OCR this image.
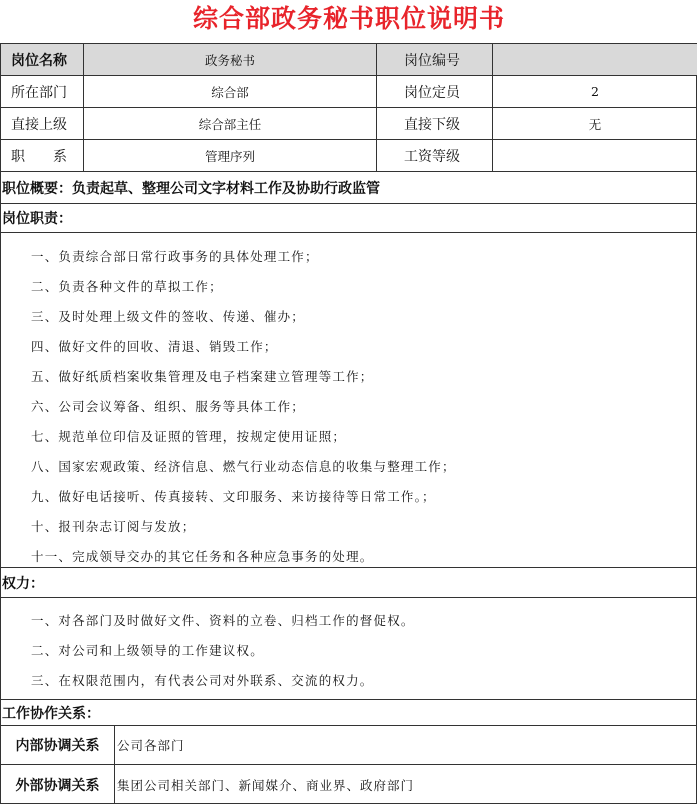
综合部政务秘书职位说明书
岗位名称	政务秘书	岗位编号
所在部门	综合部	岗位定员	2
直接上级	综合部主任	直接下级	无
职　　系	管理序列	工资等级
职位概要：负责起草、整理公司文字材料工作及协助行政监管
岗位职责：
一、负责综合部日常行政事务的具体处理工作；
二、负责各种文件的草拟工作；
三、及时处理上级文件的签收、传递、催办；
四、做好文件的回收、清退、销毁工作；
五、做好纸质档案收集管理及电子档案建立管理等工作；
六、公司会议筹备、组织、服务等具体工作；
七、规范单位印信及证照的管理，按规定使用证照；
八、国家宏观政策、经济信息、燃气行业动态信息的收集与整理工作；
九、做好电话接听、传真接转、文印服务、来访接待等日常工作。；
十、报刊杂志订阅与发放；
十一、完成领导交办的其它任务和各种应急事务的处理。
权力：
一、对各部门及时做好文件、资料的立卷、归档工作的督促权。
二、对公司和上级领导的工作建议权。
三、在权限范围内，有代表公司对外联系、交流的权力。
工作协作关系：
内部协调关系	公司各部门
外部协调关系	集团公司相关部门、新闻媒介、商业界、政府部门
